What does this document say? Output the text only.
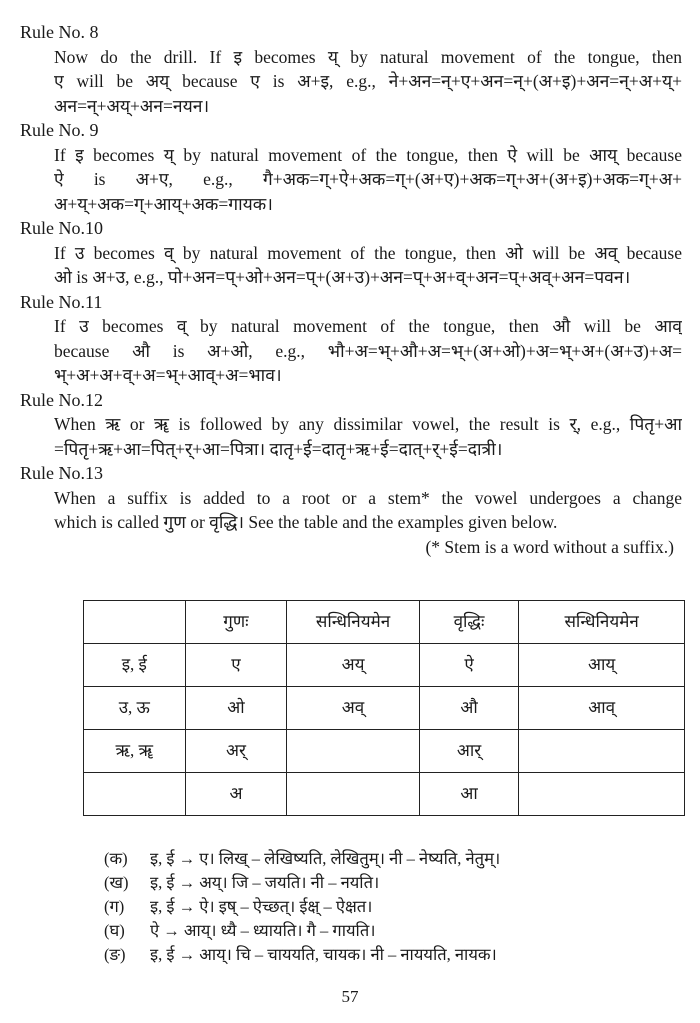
Rule No. 8

Now do the drill. If इ becomes य् by natural movement of the tongue, then
ए will be अय् because ए is अ+इ, e.g., ने+अन=न्+ए+अन=न्+(अ+इ)+अन=न्+अ+य्+
अन=न्+अय्+अन=नयन।

Rule No. 9

If इ becomes य् by natural movement of the tongue, then ऐ will be आय् because
ऐ is अ+ए, e.g., गै+अक=ग्+ऐ+अक=ग्+(अ+ए)+अक=ग्+अ+(अ+इ)+अक=ग्+अ+
अ+य्+अक=ग्+आय्+अक=गायक।

Rule No.10

If उ becomes व् by natural movement of the tongue, then ओ will be अव् because
ओ is अ+उ, e.g., पो+अन=प्+ओ+अन=प्+(अ+उ)+अन=प्+अ+व्+अन=प्+अव्+अन=पवन।

Rule No.11

If उ becomes व् by natural movement of the tongue, then औ will be आव्
because औ is अ+ओ, e.g., भौ+अ=भ्+औ+अ=भ्+(अ+ओ)+अ=भ्+अ+(अ+उ)+अ=
भ्+अ+अ+व्+अ=भ्+आव्+अ=भाव।

Rule No.12

When ऋ or ॠ is followed by any dissimilar vowel, the result is र्, e.g., पितृ+आ
=पितृ+ऋ+आ=पित्+र्+आ=पित्रा। दातृ+ई=दातृ+ऋ+ई=दात्+र्+ई=दात्री।

Rule No.13

When a suffix is added to a root or a stem* the vowel undergoes a change
which is called गुण or वृद्धि। See the table and the examples given below.

(* Stem is a word without a suffix.)

	गुणः	सन्धिनियमेन	वृद्धिः	सन्धिनियमेन
इ, ई	ए	अय्	ऐ	आय्
उ, ऊ	ओ	अव्	औ	आव्
ऋ, ॠ	अर्		आर्	
	अ		आ	

(क) इ, ई → ए। लिख् – लेखिष्यति, लेखितुम्। नी – नेष्यति, नेतुम्।

(ख) इ, ई → अय्। जि – जयति। नी – नयति।

(ग) इ, ई → ऐ। इष् – ऐच्छत्। ईक्ष् – ऐक्षत।

(घ) ऐ → आय्। ध्यै – ध्यायति। गै – गायति।

(ङ) इ, ई → आय्। चि – चाययति, चायक। नी – नाययति, नायक।

57
